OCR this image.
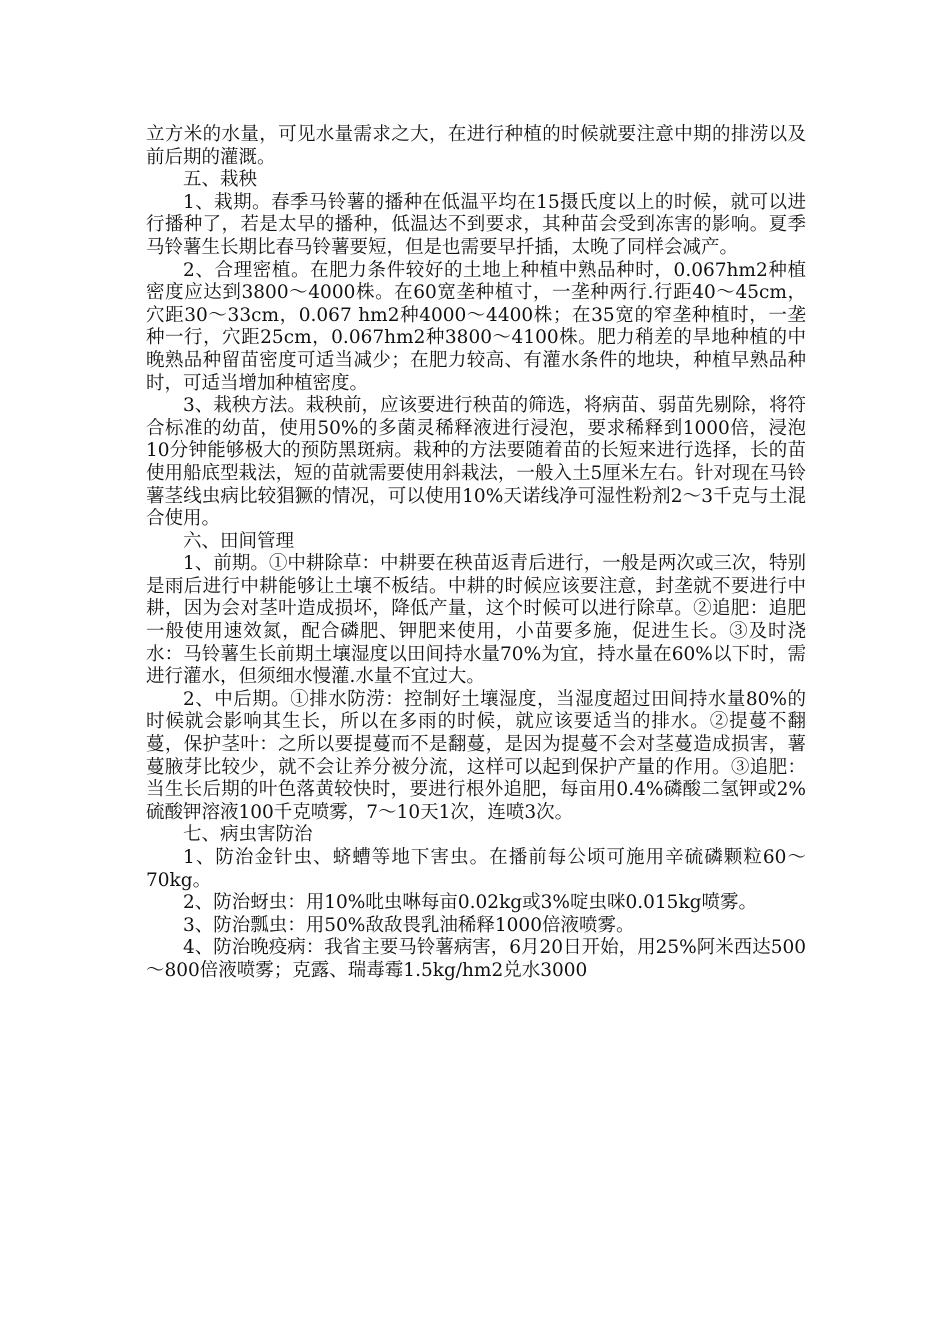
立方米的水量，可见水量需求之大，在进行种植的时候就要注意中期的排涝以及前后期的灌溉。

五、栽秧

1、栽期。春季马铃薯的播种在低温平均在15摄氏度以上的时候，就可以进行播种了，若是太早的播种，低温达不到要求，其种苗会受到冻害的影响。夏季马铃薯生长期比春马铃薯要短，但是也需要早扦插，太晚了同样会减产。

2、合理密植。在肥力条件较好的土地上种植中熟品种时，0.067hm2种植密度应达到3800～4000株。在60宽垄种植寸，一垄种两行.行距40～45cm，穴距30～33cm，0.067 hm2种4000～4400株；在35宽的窄垄种植时，一垄种一行，穴距25cm，0.067hm2种3800～4100株。肥力稍差的旱地种植的中晚熟品种留苗密度可适当减少；在肥力较高、有灌水条件的地块，种植早熟品种时，可适当增加种植密度。

3、栽秧方法。栽秧前，应该要进行秧苗的筛选，将病苗、弱苗先剔除，将符合标准的幼苗，使用50%的多菌灵稀释液进行浸泡，要求稀释到1000倍，浸泡10分钟能够极大的预防黑斑病。栽种的方法要随着苗的长短来进行选择，长的苗使用船底型栽法，短的苗就需要使用斜栽法，一般入土5厘米左右。针对现在马铃薯茎线虫病比较猖獗的情况，可以使用10%天诺线净可湿性粉剂2～3千克与土混合使用。

六、田间管理

1、前期。①中耕除草：中耕要在秧苗返青后进行，一般是两次或三次，特别是雨后进行中耕能够让土壤不板结。中耕的时候应该要注意，封垄就不要进行中耕，因为会对茎叶造成损坏，降低产量，这个时候可以进行除草。②追肥：追肥一般使用速效氮，配合磷肥、钾肥来使用，小苗要多施，促进生长。③及时浇水：马铃薯生长前期土壤湿度以田间持水量70%为宜，持水量在60%以下时，需进行灌水，但须细水慢灌.水量不宜过大。

2、中后期。①排水防涝：控制好土壤湿度，当湿度超过田间持水量80%的时候就会影响其生长，所以在多雨的时候，就应该要适当的排水。②提蔓不翻蔓，保护茎叶：之所以要提蔓而不是翻蔓，是因为提蔓不会对茎蔓造成损害，薯蔓腋芽比较少，就不会让养分被分流，这样可以起到保护产量的作用。③追肥：当生长后期的叶色落黄较快时，要进行根外追肥，每亩用0.4%磷酸二氢钾或2%硫酸钾溶液100千克喷雾，7～10天1次，连喷3次。

七、病虫害防治

1、防治金针虫、蛴螬等地下害虫。在播前每公顷可施用辛硫磷颗粒60～70kg。

2、防治蚜虫：用10%吡虫啉每亩0.02kg或3%啶虫咪0.015kg喷雾。

3、防治瓢虫：用50%敌敌畏乳油稀释1000倍液喷雾。

4、防治晚疫病：我省主要马铃薯病害，6月20日开始，用25%阿米西达500～800倍液喷雾；克露、瑞毒霉1.5kg/hm2兑水3000
